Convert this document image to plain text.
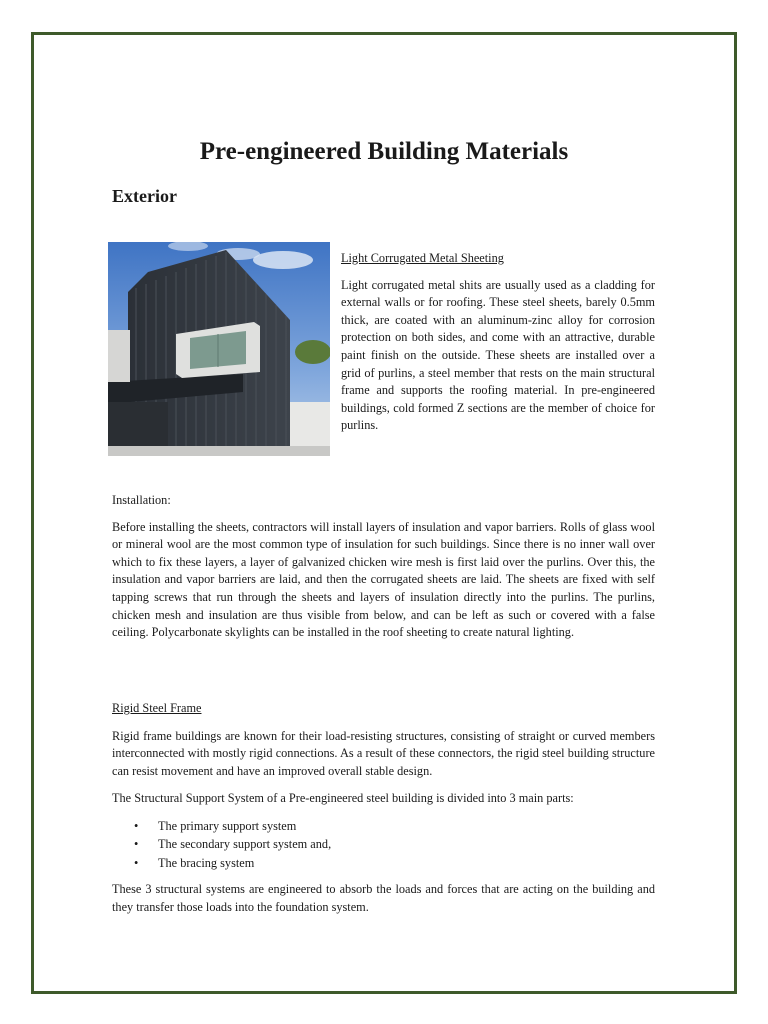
Pre-engineered Building Materials
Exterior

Light Corrugated Metal Sheeting

Light corrugated metal shits are usually used as a cladding for external walls or for roofing. These steel sheets, barely 0.5mm thick, are coated with an aluminum-zinc alloy for corrosion protection on both sides, and come with an attractive, durable paint finish on the outside. These sheets are installed over a grid of purlins, a steel member that rests on the main structural frame and supports the roofing material. In pre-engineered buildings, cold formed Z sections are the member of choice for purlins.

Installation:

Before installing the sheets, contractors will install layers of insulation and vapor barriers. Rolls of glass wool or mineral wool are the most common type of insulation for such buildings. Since there is no inner wall over which to fix these layers, a layer of galvanized chicken wire mesh is first laid over the purlins. Over this, the insulation and vapor barriers are laid, and then the corrugated sheets are laid. The sheets are fixed with self tapping screws that run through the sheets and layers of insulation directly into the purlins. The purlins, chicken mesh and insulation are thus visible from below, and can be left as such or covered with a false ceiling. Polycarbonate skylights can be installed in the roof sheeting to create natural lighting.

Rigid Steel Frame

Rigid frame buildings are known for their load-resisting structures, consisting of straight or curved members interconnected with mostly rigid connections. As a result of these connectors, the rigid steel building structure can resist movement and have an improved overall stable design.

The Structural Support System of a Pre-engineered steel building is divided into 3 main parts:

• The primary support system
• The secondary support system and,
• The bracing system

These 3 structural systems are engineered to absorb the loads and forces that are acting on the building and they transfer those loads into the foundation system.
